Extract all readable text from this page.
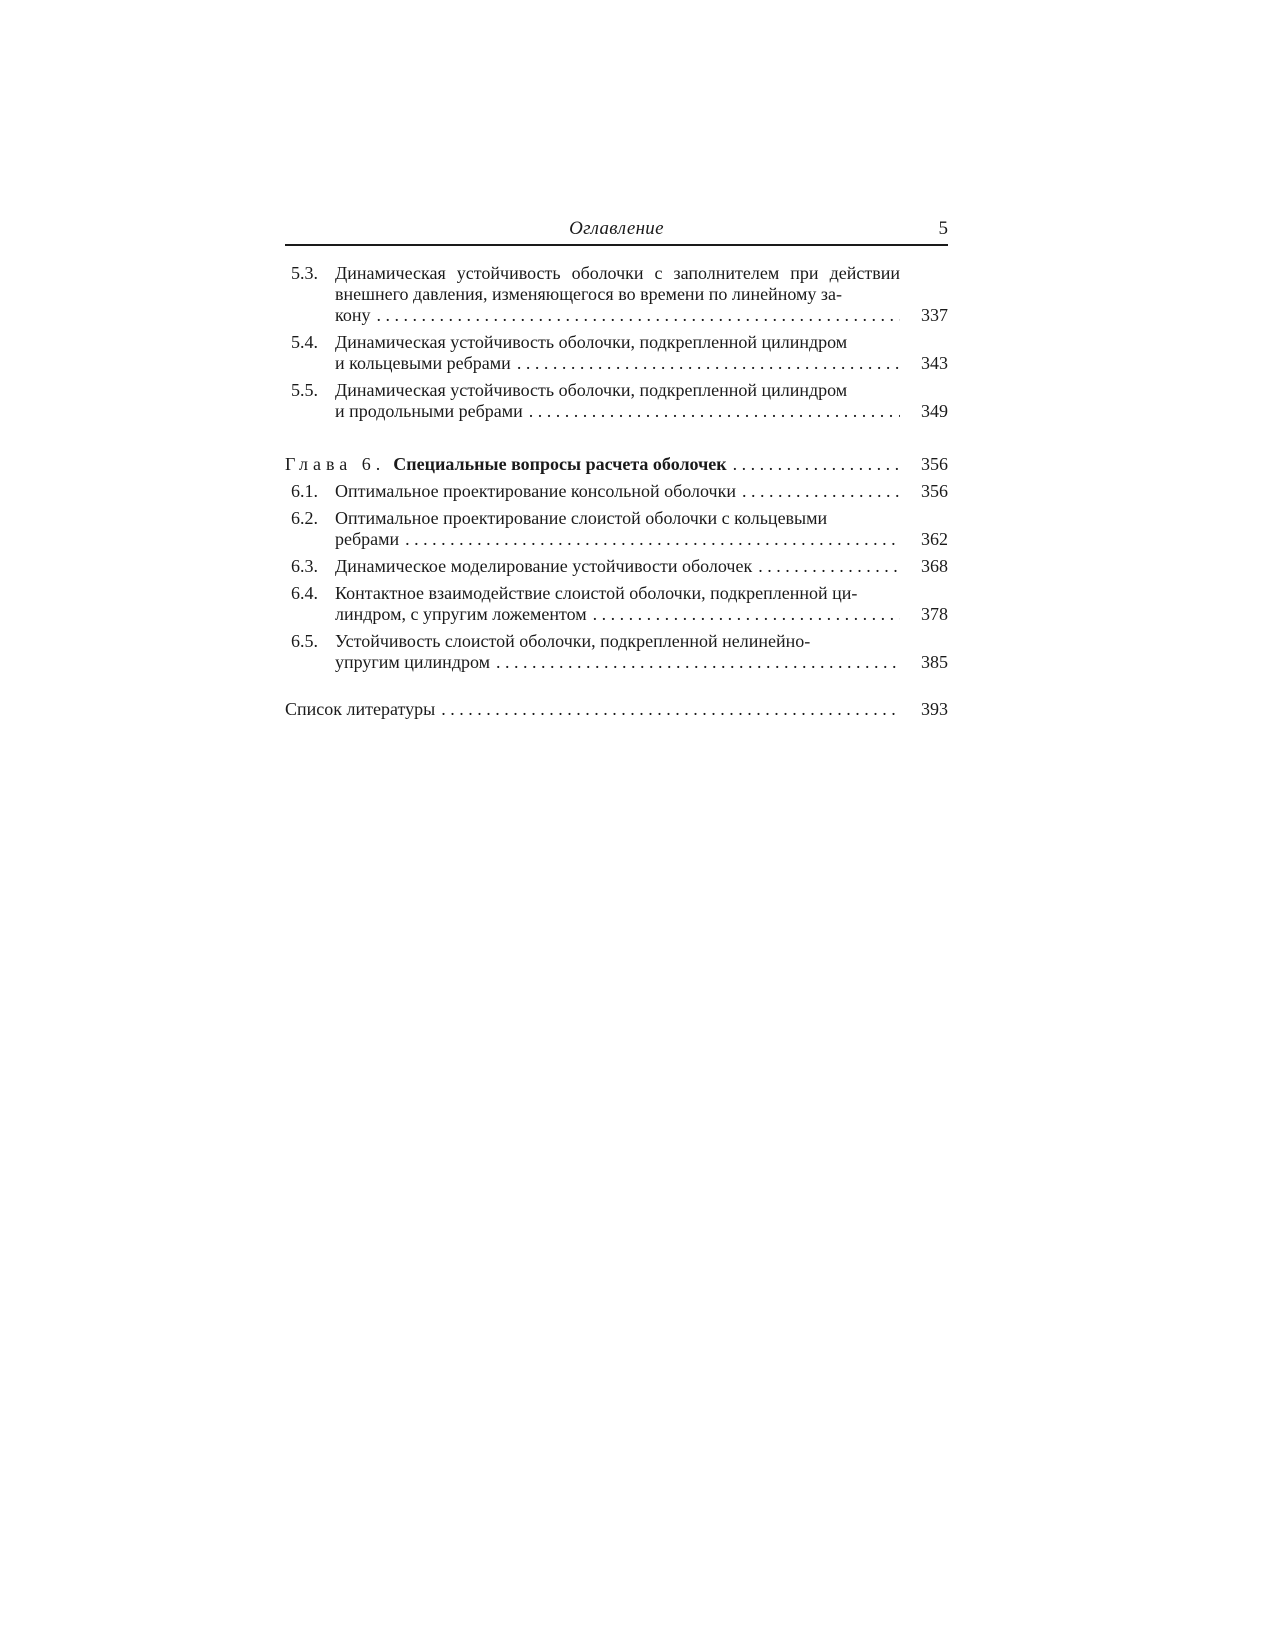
Оглавление	5
5.3. Динамическая устойчивость оболочки с заполнителем при действии внешнего давления, изменяющегося во времени по линейному за-
кону . . .	337
5.4. Динамическая устойчивость оболочки, подкрепленной цилиндром
и кольцевыми ребрами . . .	343
5.5. Динамическая устойчивость оболочки, подкрепленной цилиндром
и продольными ребрами . . .	349
Глава 6. Специальные вопросы расчета оболочек . . .	356
6.1. Оптимальное проектирование консольной оболочки . . .	356
6.2. Оптимальное проектирование слоистой оболочки с кольцевыми
ребрами . . .	362
6.3. Динамическое моделирование устойчивости оболочек . . .	368
6.4. Контактное взаимодействие слоистой оболочки, подкрепленной ци-
линдром, с упругим ложементом . . .	378
6.5. Устойчивость слоистой оболочки, подкрепленной нелинейно-
упругим цилиндром . . .	385
Список литературы . . .	393
